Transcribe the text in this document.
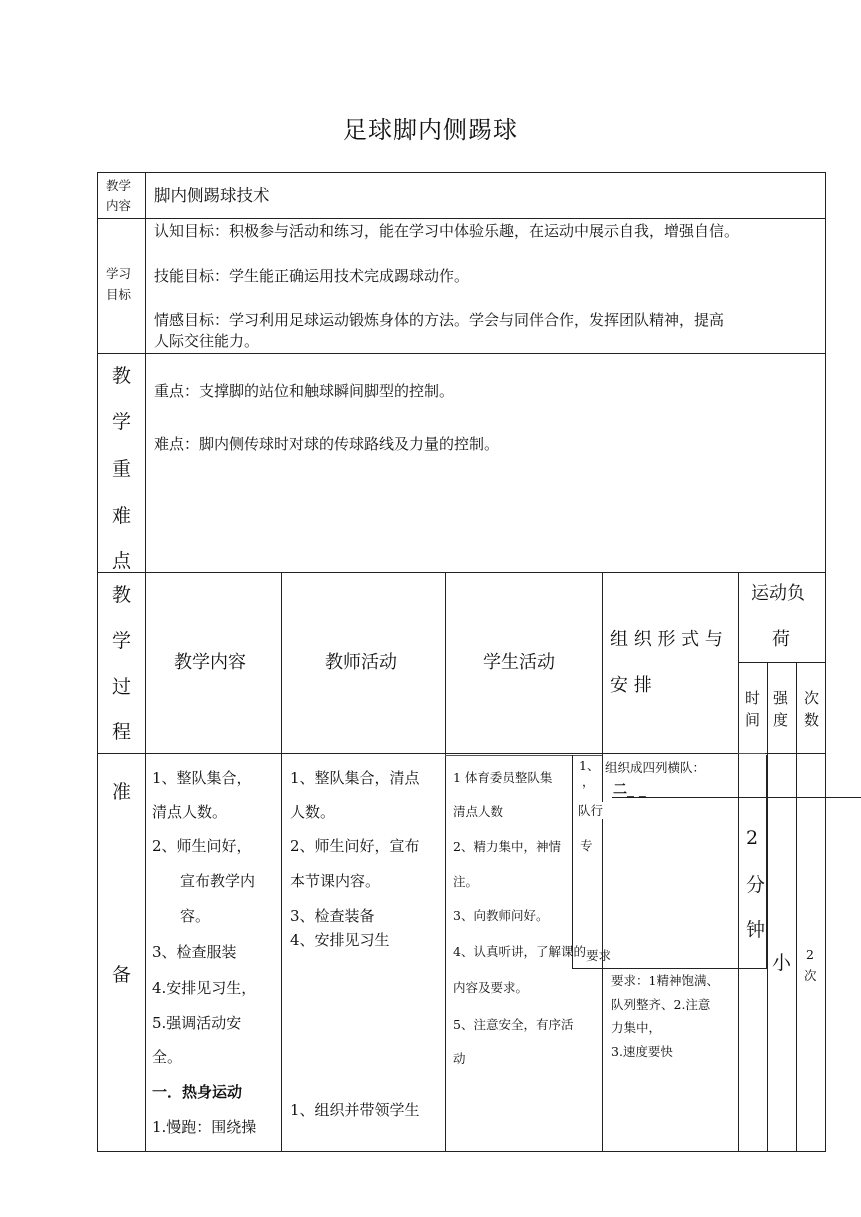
足球脚内侧踢球
教学
内容
脚内侧踢球技术
学习
目标
认知目标：积极参与活动和练习，能在学习中体验乐趣，在运动中展示自我，增强自信。
技能目标：学生能正确运用技术完成踢球动作。
情感目标：学习利用足球运动锻炼身体的方法。学会与同伴合作，发挥团队精神，提高
人际交往能力。
教
学
重
难
点
重点：支撑脚的站位和触球瞬间脚型的控制。
难点：脚内侧传球时对球的传球路线及力量的控制。
教
学
过
程
教学内容	教师活动	学生活动
组 织 形 式 与
安 排
运动负
荷
时
间
强
度
次
数
准
备
1、整队集合，
清点人数。
2、师生问好，
宣布教学内
容。
3、检查服装
4.安排见习生，
5.强调活动安
全。
一．热身运动
1.慢跑：围绕操
1、整队集合，清点
人数。
2、师生问好，宣布
本节课内容。
3、检查装备
4、安排见习生
1、组织并带领学生
1 体育委员整队集
清点人数
2、精力集中，神情
注。
3、向教师问好。
4、认真听讲，了解课的
内容及要求。
5、注意安全，有序活
动
1、
，
队行
专
要求
组织成四列横队：
二_ _
要求：1精神饱满、
队列整齐、2.注意
力集中，
3.速度要快
2
分
钟
小 2
次
